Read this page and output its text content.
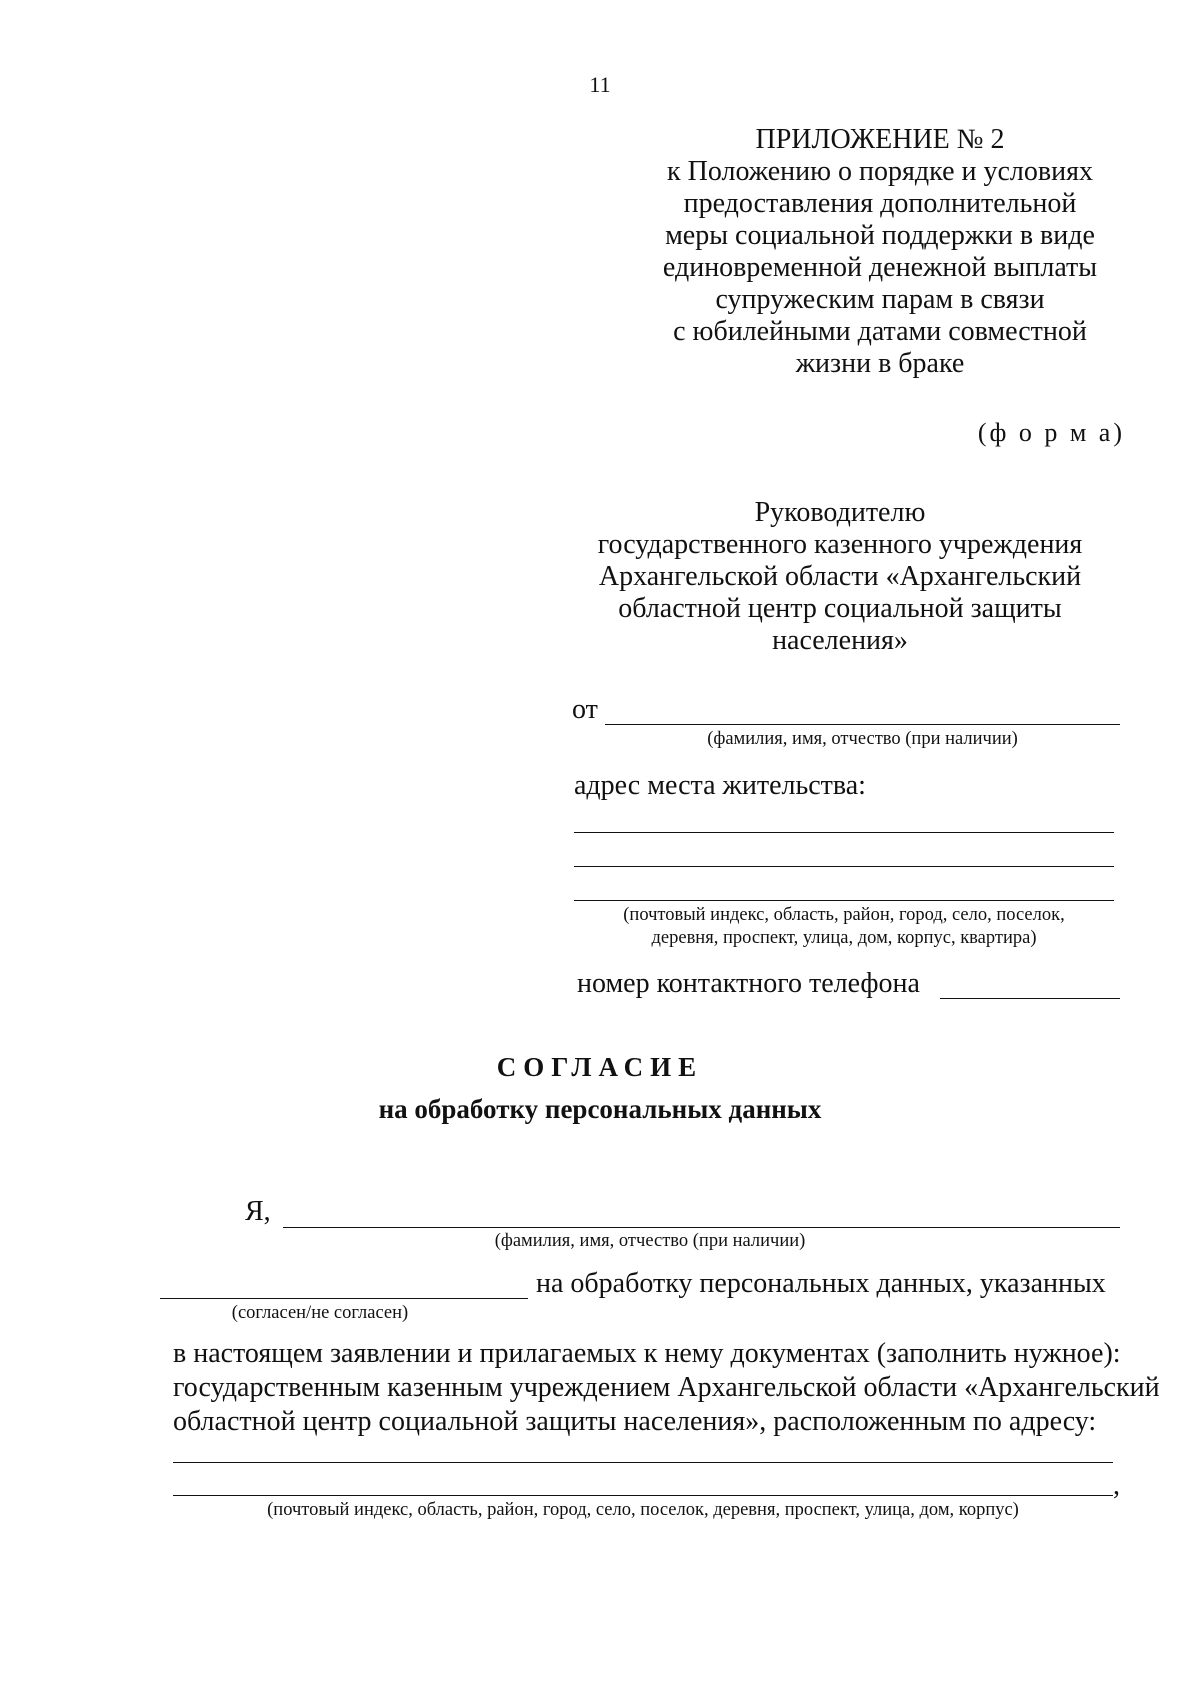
11
ПРИЛОЖЕНИЕ № 2
к Положению о порядке и условиях
предоставления дополнительной
меры социальной поддержки в виде
единовременной денежной выплаты
супружеским парам в связи
с юбилейными датами совместной
жизни в браке
(ф о р м а)
Руководителю
государственного казенного учреждения
Архангельской области «Архангельский
областной центр социальной защиты
населения»
от
(фамилия, имя, отчество (при наличии)
адрес места жительства:
(почтовый индекс, область, район, город, село, поселок,
деревня, проспект, улица, дом, корпус, квартира)
номер контактного телефона
СОГЛАСИЕ
на обработку персональных данных
Я,
(фамилия, имя, отчество (при наличии)
на обработку персональных данных, указанных
(согласен/не согласен)
в настоящем заявлении и прилагаемых к нему документах (заполнить нужное):
государственным казенным учреждением Архангельской области «Архангельский
областной центр социальной защиты населения», расположенным по адресу:
,
(почтовый индекс, область, район, город, село, поселок, деревня, проспект, улица, дом, корпус)
